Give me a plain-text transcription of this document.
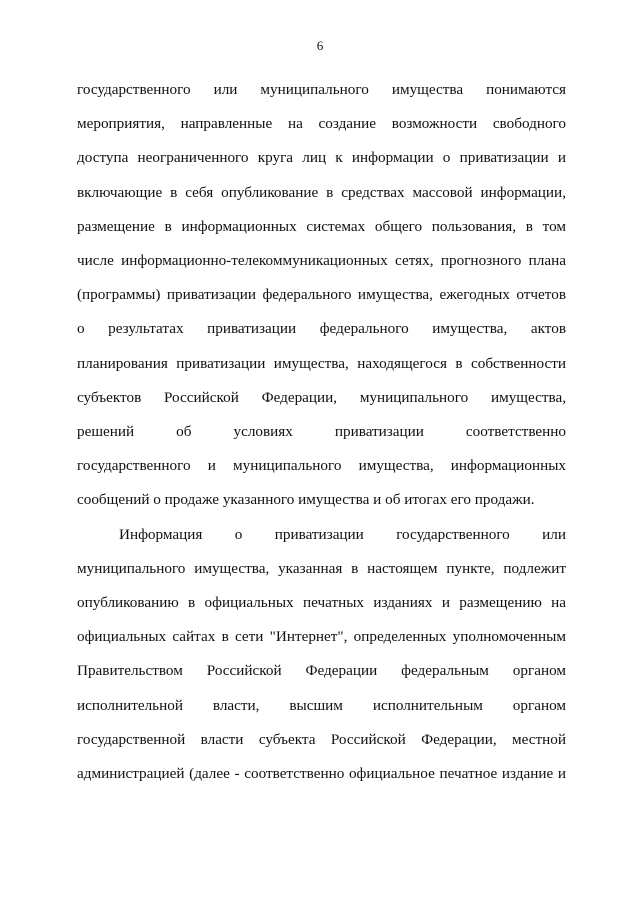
6
государственного или муниципального имущества понимаются
мероприятия, направленные на создание возможности свободного
доступа неограниченного круга лиц к информации о приватизации и
включающие в себя опубликование в средствах массовой информации,
размещение в информационных системах общего пользования, в том
числе информационно-телекоммуникационных сетях, прогнозного плана
(программы) приватизации федерального имущества, ежегодных отчетов
о результатах приватизации федерального имущества, актов
планирования приватизации имущества, находящегося в собственности
субъектов Российской Федерации, муниципального имущества,
решений об условиях приватизации соответственно
государственного и муниципального имущества, информационных
сообщений о продаже указанного имущества и об итогах его продажи.
Информация о приватизации государственного или
муниципального имущества, указанная в настоящем пункте, подлежит
опубликованию в официальных печатных изданиях и размещению на
официальных сайтах в сети "Интернет", определенных уполномоченным
Правительством Российской Федерации федеральным органом
исполнительной власти, высшим исполнительным органом
государственной власти субъекта Российской Федерации, местной
администрацией (далее - соответственно официальное печатное издание и
